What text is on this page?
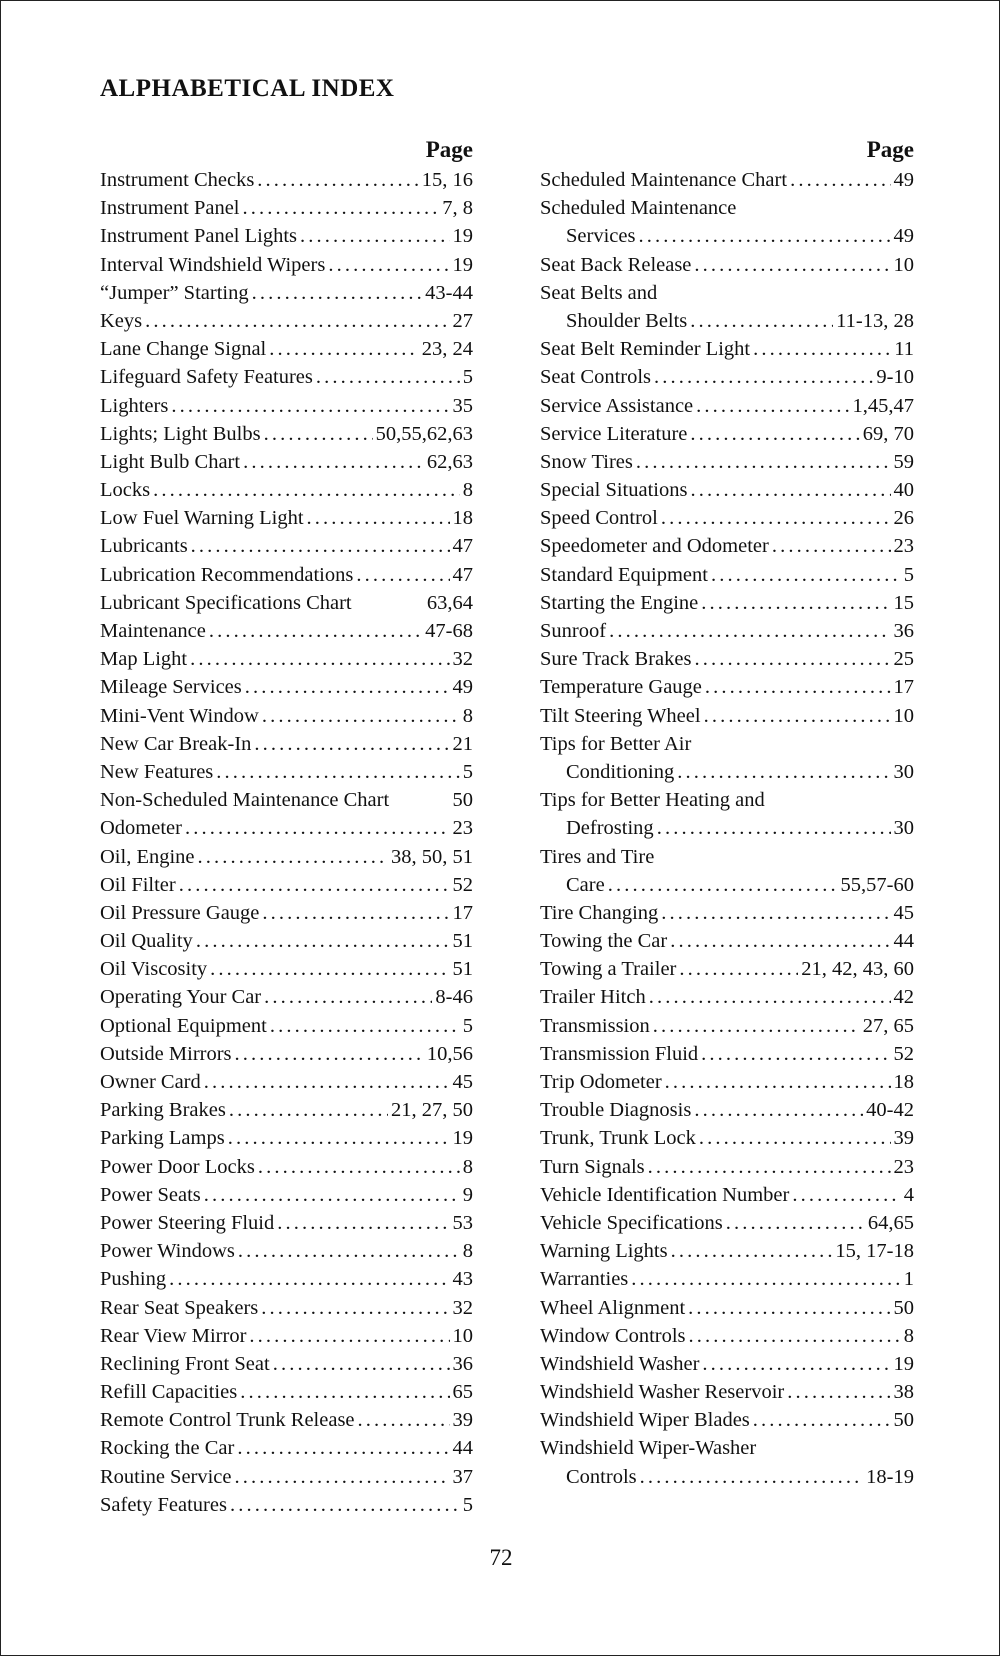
ALPHABETICAL INDEX
Page
Instrument Checks . . .	15, 16
Instrument Panel . . .	7, 8
Instrument Panel Lights . . .	19
Interval Windshield Wipers . . .	19
“Jumper” Starting . . .	43-44
Keys . . .	27
Lane Change Signal . . .	23, 24
Lifeguard Safety Features . . .	5
Lighters . . .	35
Lights; Light Bulbs . . .	50,55,62,63
Light Bulb Chart . . .	62,63
Locks . . .	8
Low Fuel Warning Light . . .	18
Lubricants . . .	47
Lubrication Recommendations . . .	47
Lubricant Specifications Chart	63,64
Maintenance . . .	47-68
Map Light . . .	32
Mileage Services . . .	49
Mini-Vent Window . . .	8
New Car Break-In . . .	21
New Features . . .	5
Non-Scheduled Maintenance Chart	50
Odometer . . .	23
Oil, Engine . . .	38, 50, 51
Oil Filter . . .	52
Oil Pressure Gauge . . .	17
Oil Quality . . .	51
Oil Viscosity . . .	51
Operating Your Car . . .	8-46
Optional Equipment . . .	5
Outside Mirrors . . .	10,56
Owner Card . . .	45
Parking Brakes . . .	21, 27, 50
Parking Lamps . . .	19
Power Door Locks . . .	8
Power Seats . . .	9
Power Steering Fluid . . .	53
Power Windows . . .	8
Pushing . . .	43
Rear Seat Speakers . . .	32
Rear View Mirror . . .	10
Reclining Front Seat . . .	36
Refill Capacities . . .	65
Remote Control Trunk Release . . .	39
Rocking the Car . . .	44
Routine Service . . .	37
Safety Features . . .	5
Page
Scheduled Maintenance Chart . . .	49
Scheduled Maintenance
Services . . .	49
Seat Back Release . . .	10
Seat Belts and
Shoulder Belts . . .	11-13, 28
Seat Belt Reminder Light . . .	11
Seat Controls . . .	9-10
Service Assistance . . .	1,45,47
Service Literature . . .	69, 70
Snow Tires . . .	59
Special Situations . . .	40
Speed Control . . .	26
Speedometer and Odometer . . .	23
Standard Equipment . . .	5
Starting the Engine . . .	15
Sunroof . . .	36
Sure Track Brakes . . .	25
Temperature Gauge . . .	17
Tilt Steering Wheel . . .	10
Tips for Better Air
Conditioning . . .	30
Tips for Better Heating and
Defrosting . . .	30
Tires and Tire
Care . . .	55,57-60
Tire Changing . . .	45
Towing the Car . . .	44
Towing a Trailer . . .	21, 42, 43, 60
Trailer Hitch . . .	42
Transmission . . .	27, 65
Transmission Fluid . . .	52
Trip Odometer . . .	18
Trouble Diagnosis . . .	40-42
Trunk, Trunk Lock . . .	39
Turn Signals . . .	23
Vehicle Identification Number . . .	4
Vehicle Specifications . . .	64,65
Warning Lights . . .	15, 17-18
Warranties . . .	1
Wheel Alignment . . .	50
Window Controls . . .	8
Windshield Washer . . .	19
Windshield Washer Reservoir . . .	38
Windshield Wiper Blades . . .	50
Windshield Wiper-Washer
Controls . . .	18-19
72
